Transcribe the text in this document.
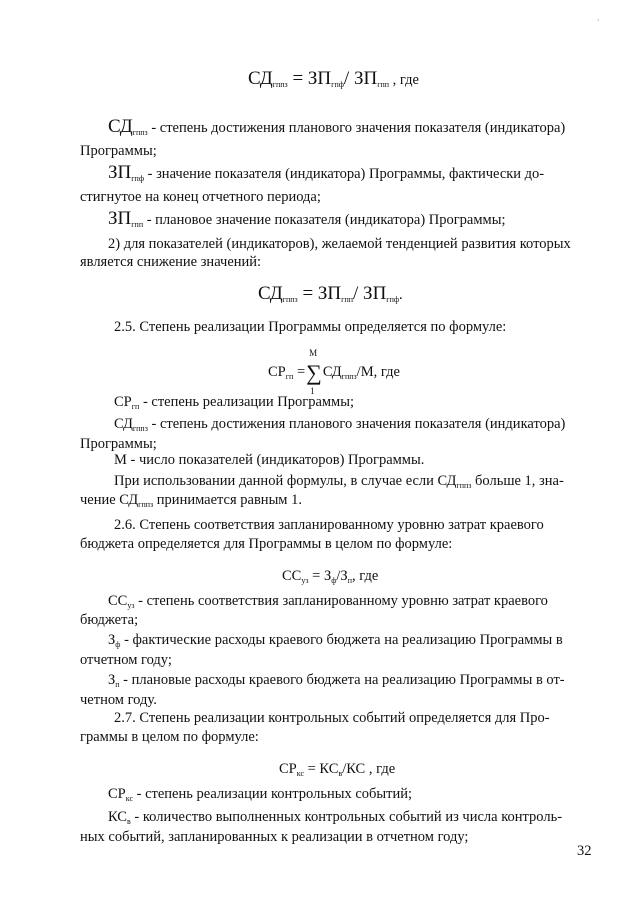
,
$СД_{гппз} = ЗП_{гпф}/$ $ЗП_{гпп}$ , где
$СД_{гппз}$ - степень достижения планового значения показателя (индикатора)
Программы;
$ЗП_{гпф}$ - значение показателя (индикатора) Программы, фактически до-
стигнутое на конец отчетного периода;
$ЗП_{гпп}$ - плановое значение показателя (индикатора) Программы;
2) для показателей (индикаторов), желаемой тенденцией развития которых
является снижение значений:
$СД_{гппз} = ЗП_{гпп}/$ $ЗП_{гпф}$.
2.5. Степень реализации Программы определяется по формуле:
$СР_{гп}$ =
M
∑
1
$СД_{гппз}/M$, где
$СР_{гп}$ - степень реализации Программы;
$СД_{гппз}$ - степень достижения планового значения показателя (индикатора)
Программы;
М - число показателей (индикаторов) Программы.
При использовании данной формулы, в случае если $СД_{гппз}$ больше 1, зна-
чение $СД_{гппз}$ принимается равным 1.
2.6. Степень соответствия запланированному уровню затрат краевого
бюджета определяется для Программы в целом по формуле:
$СС_{уз} = З_ф/З_п$, где
$СС_{уз}$ - степень соответствия запланированному уровню затрат краевого
бюджета;
$З_ф$ - фактические расходы краевого бюджета на реализацию Программы в
отчетном году;
$З_п$ - плановые расходы краевого бюджета на реализацию Программы в от-
четном году.
2.7. Степень реализации контрольных событий определяется для Про-
граммы в целом по формуле:
$СР_{кс} = КС_в/КС$ , где
$СР_{кс}$ - степень реализации контрольных событий;
$КС_в$ - количество выполненных контрольных событий из числа контроль-
ных событий, запланированных к реализации в отчетном году;
32
